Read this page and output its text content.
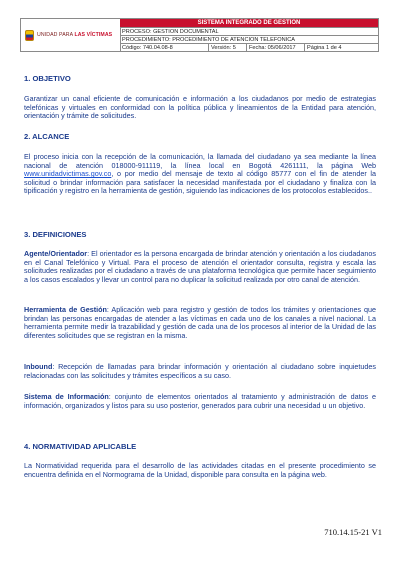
UNIDAD PARA LAS VÍCTIMAS
SISTEMA INTEGRADO DE GESTION
PROCESO: GESTION DOCUMENTAL
PROCEDIMIENTO: PROCEDIMIENTO DE ATENCION TELEFONICA
Código: 740.04.08-8	Versión: 5	Fecha: 05/06/2017	Página 1 de 4
1. OBJETIVO

Garantizar un canal eficiente de comunicación e información a los ciudadanos por medio de estrategias telefónicas y virtuales en conformidad con la política pública y lineamientos de la Entidad para atención, orientación y trámite de solicitudes.

2. ALCANCE

El proceso inicia con la recepción de la comunicación, la llamada del ciudadano ya sea mediante la línea nacional de atención 018000-911119, la línea local en Bogotá 4261111, la página Web www.unidadvictimas.gov.co, o por medio del mensaje de texto al código 85777 con el fin de atender la solicitud o brindar información para satisfacer la necesidad manifestada por el ciudadano y finaliza con la tipificación y registro en la herramienta de gestión, siguiendo las indicaciones de los protocolos establecidos..

3. DEFINICIONES

Agente/Orientador: El orientador es la persona encargada de brindar atención y orientación a los ciudadanos en el Canal Telefónico y Virtual. Para el proceso de atención el orientador consulta, registra y escala las solicitudes realizadas por el ciudadano a través de una plataforma tecnológica que permite hacer seguimiento a los casos escalados y llevar un control para no duplicar la solicitud realizada por otro canal de atención.

Herramienta de Gestión: Aplicación web para registro y gestión de todos los trámites y orientaciones que brindan las personas encargadas de atender a las víctimas en cada uno de los canales a nivel nacional. La herramienta permite medir la trazabilidad y gestión de cada una de los procesos al interior de la Unidad de las diferentes solicitudes que se registran en la misma.

Inbound: Recepción de llamadas para brindar información y orientación al ciudadano sobre inquietudes relacionadas con las solicitudes y trámites específicos a su caso.

Sistema de Información: conjunto de elementos orientados al tratamiento y administración de datos e información, organizados y listos para su uso posterior, generados para cubrir una necesidad u un objetivo.

4. NORMATIVIDAD APLICABLE

La Normatividad requerida para el desarrollo de las actividades citadas en el presente procedimiento se encuentra definida en el Normograma de la Unidad, disponible para consulta en la página web.

710.14.15-21 V1
